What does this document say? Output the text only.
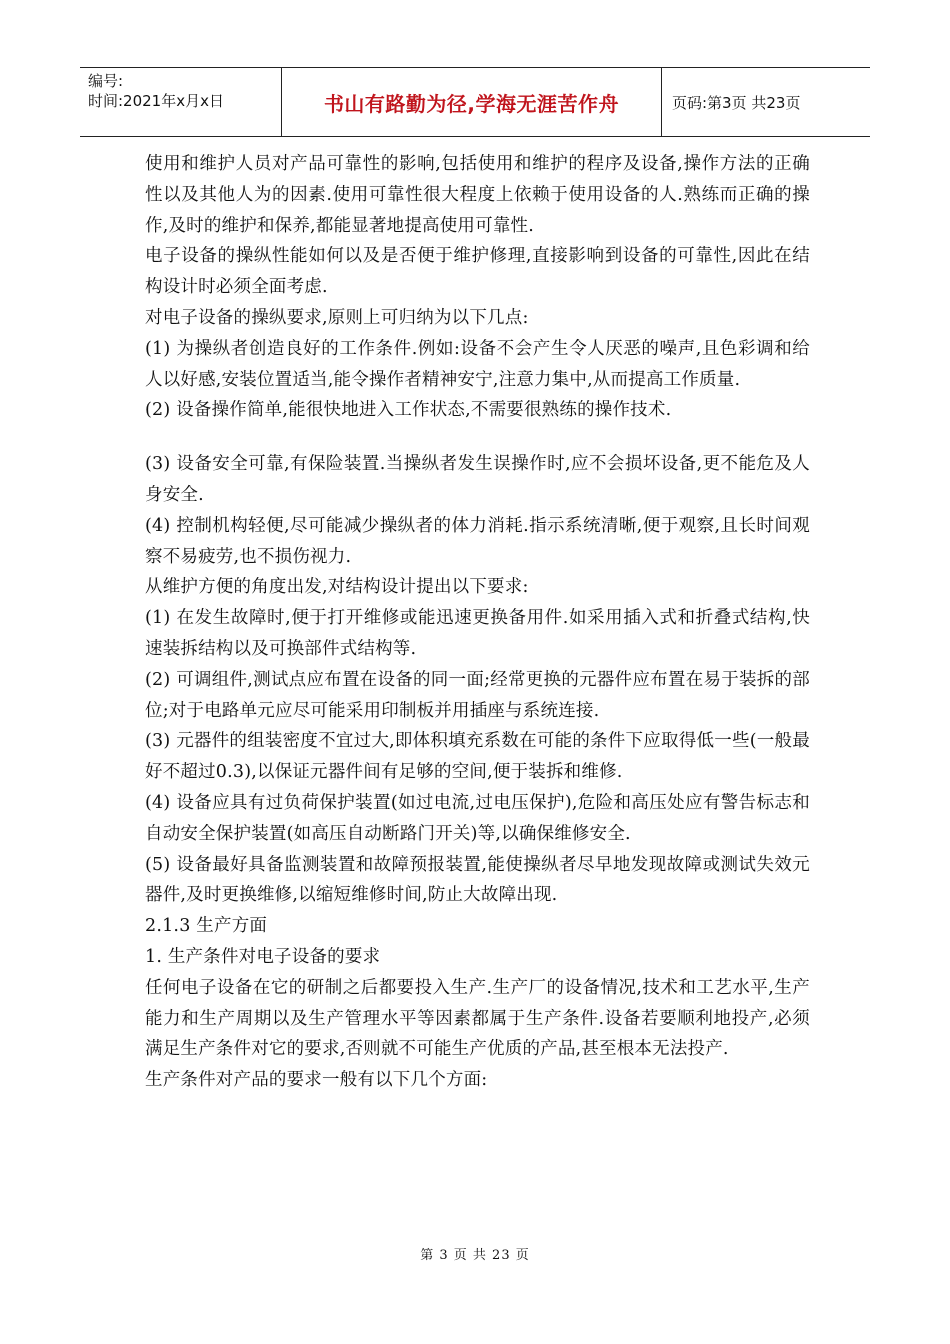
编号:
时间:2021年x月x日	书山有路勤为径,学海无涯苦作舟	页码:第3页 共23页

使用和维护人员对产品可靠性的影响,包括使用和维护的程序及设备,操作方法的正确性以及其他人为的因素.使用可靠性很大程度上依赖于使用设备的人.熟练而正确的操作,及时的维护和保养,都能显著地提高使用可靠性.

电子设备的操纵性能如何以及是否便于维护修理,直接影响到设备的可靠性,因此在结构设计时必须全面考虑.

对电子设备的操纵要求,原则上可归纳为以下几点:

(1) 为操纵者创造良好的工作条件.例如:设备不会产生令人厌恶的噪声,且色彩调和给人以好感,安装位置适当,能令操作者精神安宁,注意力集中,从而提高工作质量.

(2) 设备操作简单,能很快地进入工作状态,不需要很熟练的操作技术.

(3) 设备安全可靠,有保险装置.当操纵者发生误操作时,应不会损坏设备,更不能危及人身安全.

(4) 控制机构轻便,尽可能减少操纵者的体力消耗.指示系统清晰,便于观察,且长时间观察不易疲劳,也不损伤视力.

从维护方便的角度出发,对结构设计提出以下要求:

(1) 在发生故障时,便于打开维修或能迅速更换备用件.如采用插入式和折叠式结构,快速装拆结构以及可换部件式结构等.

(2) 可调组件,测试点应布置在设备的同一面;经常更换的元器件应布置在易于装拆的部位;对于电路单元应尽可能采用印制板并用插座与系统连接.

(3) 元器件的组装密度不宜过大,即体积填充系数在可能的条件下应取得低一些(一般最好不超过0.3),以保证元器件间有足够的空间,便于装拆和维修.

(4) 设备应具有过负荷保护装置(如过电流,过电压保护),危险和高压处应有警告标志和自动安全保护装置(如高压自动断路门开关)等,以确保维修安全.

(5) 设备最好具备监测装置和故障预报装置,能使操纵者尽早地发现故障或测试失效元器件,及时更换维修,以缩短维修时间,防止大故障出现.

2.1.3 生产方面

1. 生产条件对电子设备的要求

任何电子设备在它的研制之后都要投入生产.生产厂的设备情况,技术和工艺水平,生产能力和生产周期以及生产管理水平等因素都属于生产条件.设备若要顺利地投产,必须满足生产条件对它的要求,否则就不可能生产优质的产品,甚至根本无法投产.

生产条件对产品的要求一般有以下几个方面:

第 3 页 共 23 页
